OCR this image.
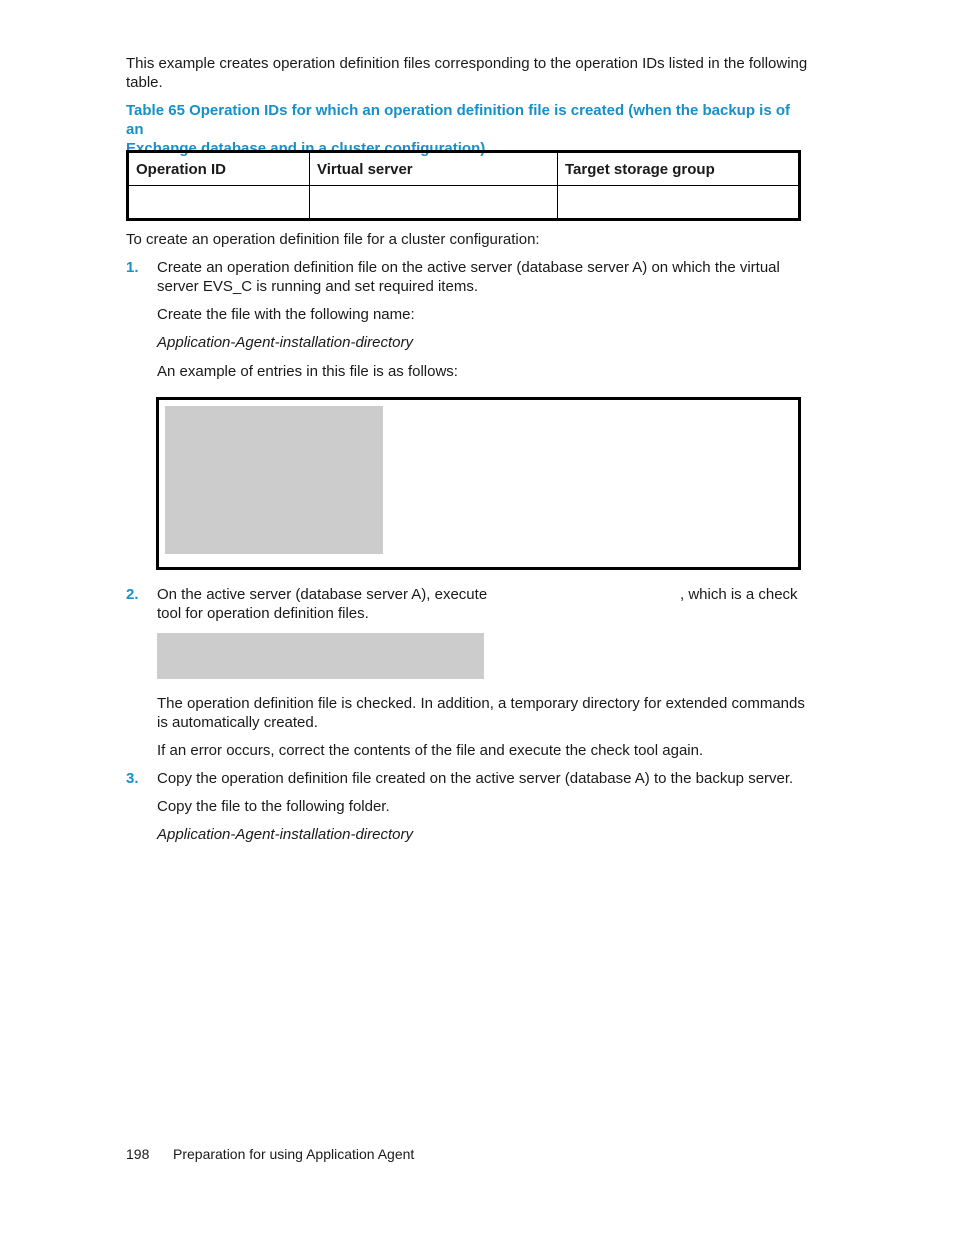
This example creates operation definition files corresponding to the operation IDs listed in the following

table.

Table 65 Operation IDs for which an operation definition file is created (when the backup is of an
Exchange database and in a cluster configuration)
Operation ID	Virtual server	Target storage group

To create an operation definition file for a cluster configuration:

1. Create an operation definition file on the active server (database server A) on which the virtual

server EVS_C is running and set required items.

Create the file with the following name:

Application-Agent-installation-directory

An example of entries in this file is as follows:

2. On the active server (database server A), execute	, which is a check

tool for operation definition files.

The operation definition file is checked. In addition, a temporary directory for extended commands

is automatically created.

If an error occurs, correct the contents of the file and execute the check tool again.

3. Copy the operation definition file created on the active server (database A) to the backup server.

Copy the file to the following folder.

Application-Agent-installation-directory

198 Preparation for using Application Agent
